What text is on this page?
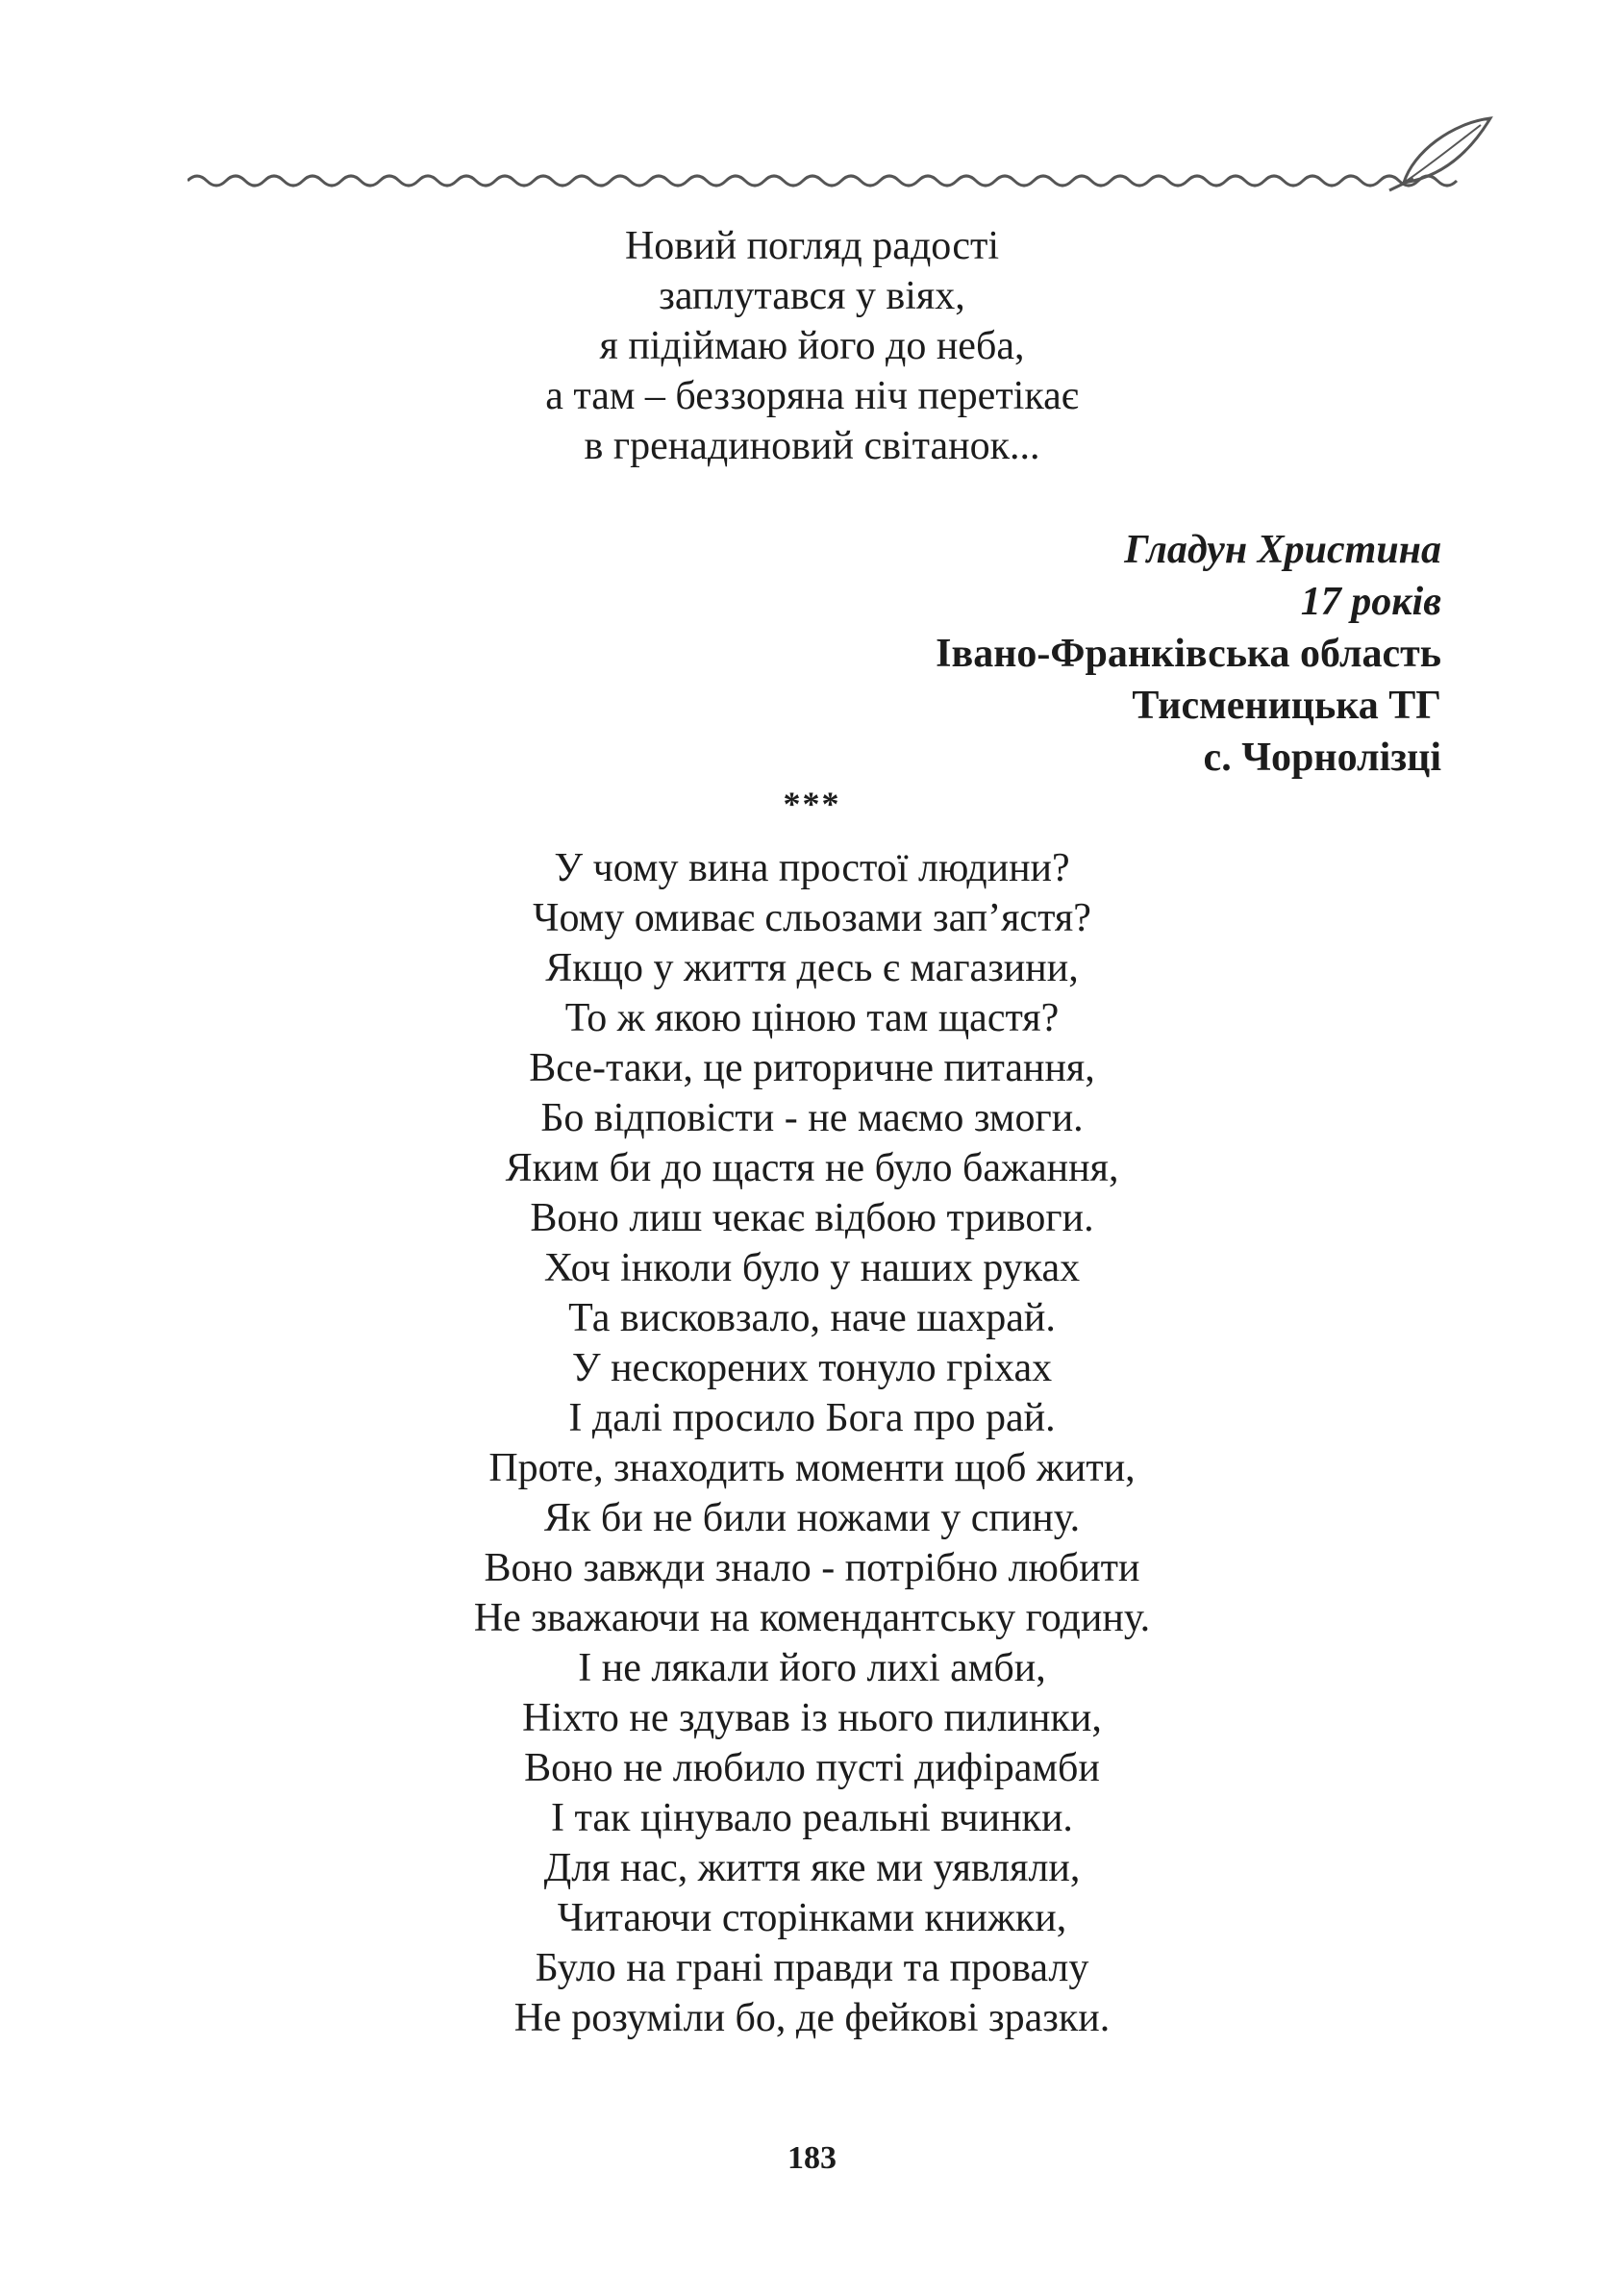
Новий погляд радості
заплутався у віях,
я підіймаю його до неба,
а там – беззоряна ніч перетікає
в гренадиновий світанок...
Гладун Христина
17 років
Івано-Франківська область
Тисменицька ТГ
с. Чорнолізці
***
У чому вина простої людини?
Чому омиває сльозами зап’ястя?
Якщо у життя десь є магазини,
То ж якою ціною там щастя?
Все-таки, це риторичне питання,
Бо відповісти - не маємо змоги.
Яким би до щастя не було бажання,
Воно лиш чекає відбою тривоги.
Хоч інколи було у наших руках
Та висковзало, наче шахрай.
У нескорених тонуло гріхах
І далі просило Бога про рай.
Проте, знаходить моменти щоб жити,
Як би не били ножами у спину.
Воно завжди знало - потрібно любити
Не зважаючи на комендантську годину.
І не лякали його лихі амби,
Ніхто не здував із нього пилинки,
Воно не любило пусті дифірамби
І так цінувало реальні вчинки.
Для нас, життя яке ми уявляли,
Читаючи сторінками книжки,
Було на грані правди та провалу
Не розуміли бо, де фейкові зразки.
183
